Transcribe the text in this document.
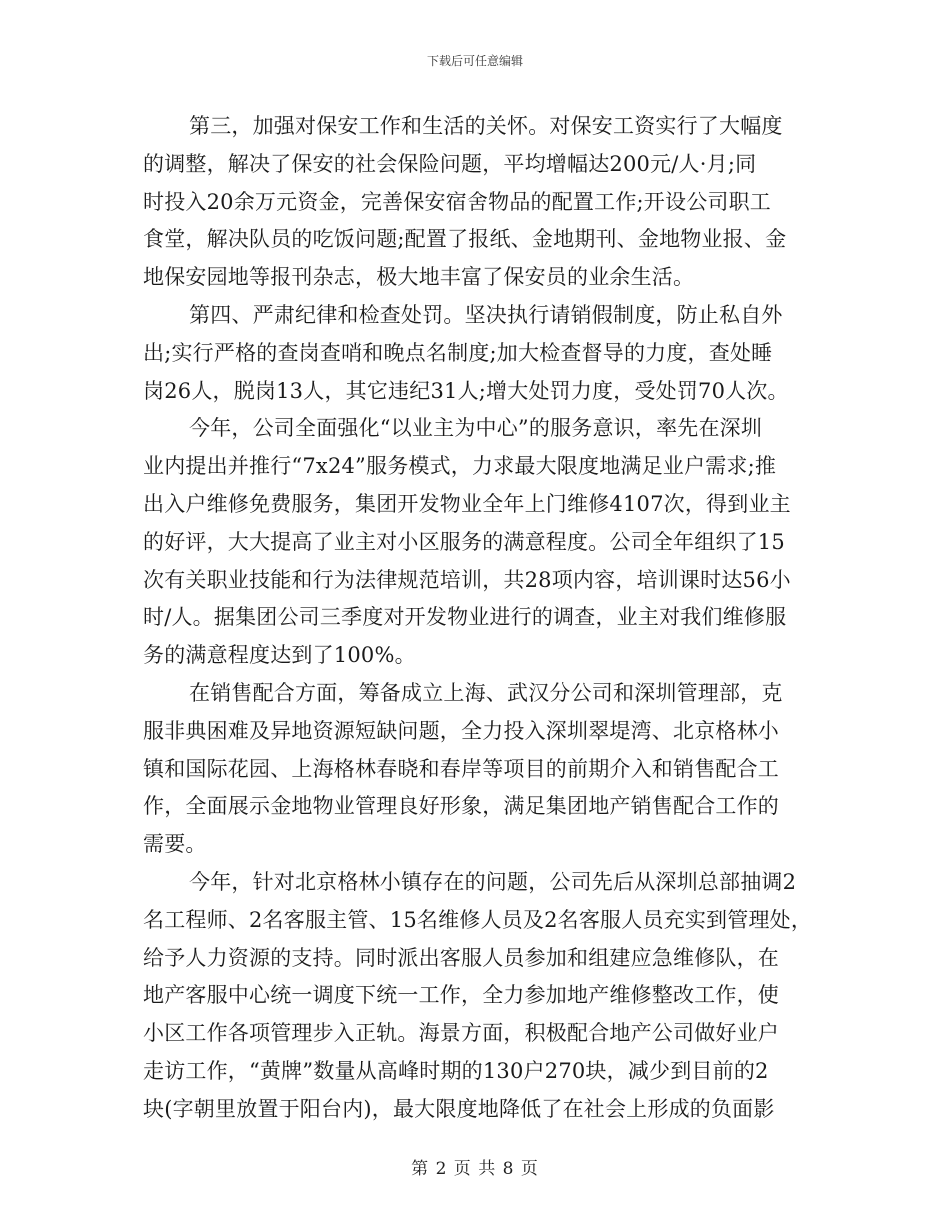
下载后可任意编辑
第三，加强对保安工作和生活的关怀。对保安工资实行了大幅度
的调整，解决了保安的社会保险问题，平均增幅达200元/人·月;同
时投入20余万元资金，完善保安宿舍物品的配置工作;开设公司职工
食堂，解决队员的吃饭问题;配置了报纸、金地期刊、金地物业报、金
地保安园地等报刊杂志，极大地丰富了保安员的业余生活。
第四、严肃纪律和检查处罚。坚决执行请销假制度，防止私自外
出;实行严格的查岗查哨和晚点名制度;加大检查督导的力度，查处睡
岗26人，脱岗13人，其它违纪31人;增大处罚力度，受处罚70人次。
今年，公司全面强化“以业主为中心”的服务意识，率先在深圳
业内提出并推行“7x24”服务模式，力求最大限度地满足业户需求;推
出入户维修免费服务，集团开发物业全年上门维修4107次，得到业主
的好评，大大提高了业主对小区服务的满意程度。公司全年组织了15
次有关职业技能和行为法律规范培训，共28项内容，培训课时达56小
时/人。据集团公司三季度对开发物业进行的调查，业主对我们维修服
务的满意程度达到了100%。
在销售配合方面，筹备成立上海、武汉分公司和深圳管理部，克
服非典困难及异地资源短缺问题，全力投入深圳翠堤湾、北京格林小
镇和国际花园、上海格林春晓和春岸等项目的前期介入和销售配合工
作，全面展示金地物业管理良好形象，满足集团地产销售配合工作的
需要。
今年，针对北京格林小镇存在的问题，公司先后从深圳总部抽调2
名工程师、2名客服主管、15名维修人员及2名客服人员充实到管理处，
给予人力资源的支持。同时派出客服人员参加和组建应急维修队，在
地产客服中心统一调度下统一工作，全力参加地产维修整改工作，使
小区工作各项管理步入正轨。海景方面，积极配合地产公司做好业户
走访工作，“黄牌”数量从高峰时期的130户270块，减少到目前的2
块(字朝里放置于阳台内)，最大限度地降低了在社会上形成的负面影
第 2 页 共 8 页
